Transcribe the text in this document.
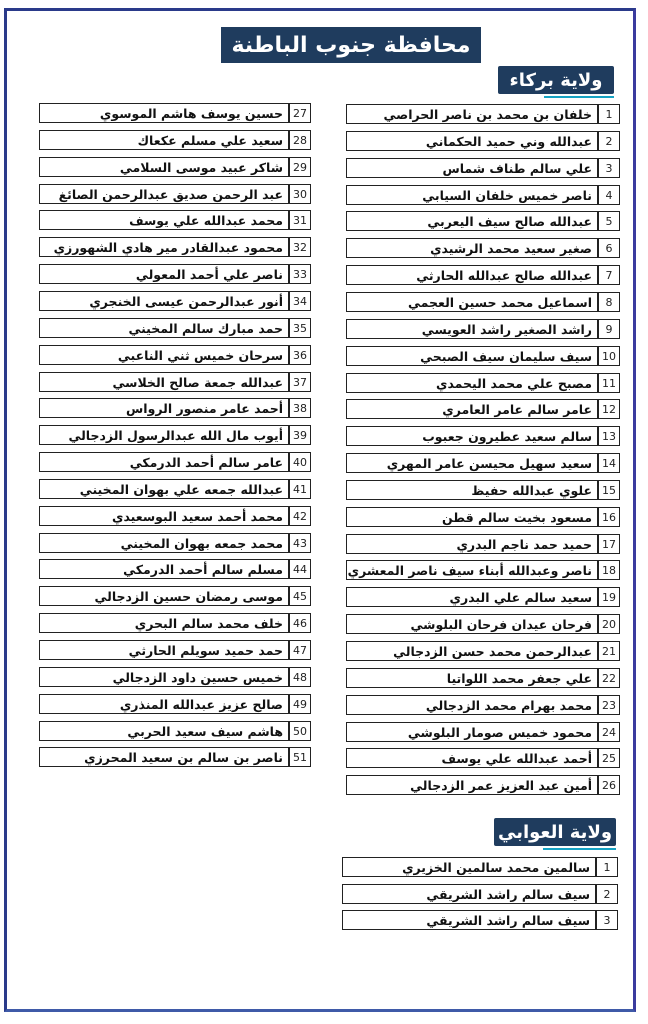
محافظة جنوب الباطنة
ولاية بركاء
ولاية العوابي
خلفان بن محمد بن ناصر الحراصي	1
عبدالله وني حميد الحكماني	2
علي سالم طناف شماس	3
ناصر خميس خلفان السيابي	4
عبدالله صالح سيف اليعربي	5
صغير سعيد محمد الرشيدي	6
عبدالله صالح عبدالله الحارثي	7
اسماعيل محمد حسين العجمي	8
راشد الصغير راشد العويسي	9
سيف سليمان سيف الصبحي 10
مصبح علي محمد اليحمدي 11
عامر سالم عامر العامري 12
سالم سعيد عطيرون جعبوب 13
سعيد سهيل محيسن عامر المهري 14
علوي عبدالله حفيظ 15
مسعود بخيت سالم قطن 16
حميد حمد ناجم البدري 17
ناصر وعبدالله أبناء سيف ناصر المعشري 18
سعيد سالم علي البدري 19
فرحان عيدان فرحان البلوشي 20
عبدالرحمن محمد حسن الزدجالي 21
علي جعفر محمد اللواتيا 22
محمد بهرام محمد الزدجالي 23
محمود خميس صومار البلوشي 24
أحمد عبدالله علي يوسف 25
أمين عبد العزيز عمر الزدجالي 26
حسين يوسف هاشم الموسوي 27
سعيد علي مسلم عكعاك 28
شاكر عبيد موسى السلامي 29
عبد الرحمن صديق عبدالرحمن الصائغ 30
محمد عبدالله علي يوسف 31
محمود عبدالقادر مير هادي الشهورزي 32
ناصر علي أحمد المعولي 33
أنور عبدالرحمن عيسى الخنجري 34
حمد مبارك سالم المخيني 35
سرحان خميس ثني الناعبي 36
عبدالله جمعة صالح الخلاسي 37
أحمد عامر منصور الرواس 38
أيوب مال الله عبدالرسول الزدجالي 39
عامر سالم أحمد الدرمكي 40
عبدالله جمعه علي بهوان المخيني 41
محمد أحمد سعيد البوسعيدي 42
محمد جمعه بهوان المخيني 43
مسلم سالم أحمد الدرمكي 44
موسى رمضان حسين الزدجالي 45
خلف محمد سالم البحري 46
حمد حميد سويلم الحارثي 47
خميس حسين داود الزدجالي 48
صالح عزيز عبدالله المنذري 49
هاشم سيف سعيد الحربي 50
ناصر بن سالم بن سعيد المحرزي 51
سالمين محمد سالمين الخزيري	1
سيف سالم راشد الشريقي	2
سيف سالم راشد الشريقي	3
